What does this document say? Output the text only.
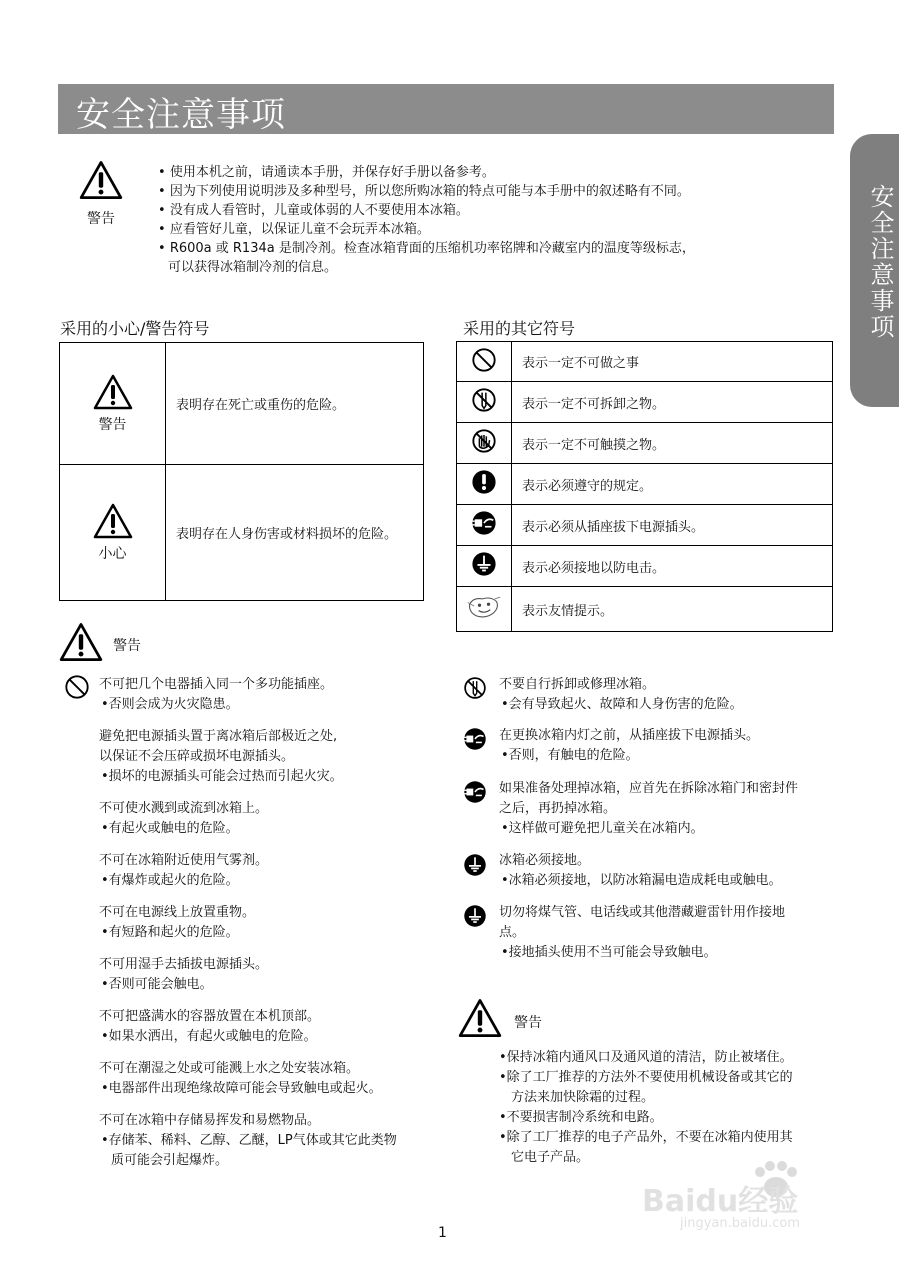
安全注意事项
安全注意事项
警告
• 使用本机之前，请通读本手册，并保存好手册以备参考。
• 因为下列使用说明涉及多种型号，所以您所购冰箱的特点可能与本手册中的叙述略有不同。
• 没有成人看管时，儿童或体弱的人不要使用本冰箱。
• 应看管好儿童，以保证儿童不会玩弄本冰箱。
• R600a 或 R134a 是制冷剂。检查冰箱背面的压缩机功率铭牌和冷藏室内的温度等级标志，
可以获得冰箱制冷剂的信息。
采用的小心/警告符号	采用的其它符号
警告	表明存在死亡或重伤的危险。

小心	表明存在人身伤害或材料损坏的危险。
	表示一定不可做之事
	表示一定不可拆卸之物。
	表示一定不可触摸之物。
	表示必须遵守的规定。
	表示必须从插座拔下电源插头。
	表示必须接地以防电击。
	表示友情提示。
警告
不可把几个电器插入同一个多功能插座。
•否则会成为火灾隐患。
避免把电源插头置于离冰箱后部极近之处,
以保证不会压碎或损坏电源插头。
•损坏的电源插头可能会过热而引起火灾。
不可使水溅到或流到冰箱上。
•有起火或触电的危险。
不可在冰箱附近使用气雾剂。
•有爆炸或起火的危险。
不可在电源线上放置重物。
•有短路和起火的危险。
不可用湿手去插拔电源插头。
•否则可能会触电。
不可把盛满水的容器放置在本机顶部。
•如果水洒出，有起火或触电的危险。
不可在潮湿之处或可能溅上水之处安装冰箱。
•电器部件出现绝缘故障可能会导致触电或起火。
不可在冰箱中存储易挥发和易燃物品。
•存储苯、稀料、乙醇、乙醚，LP气体或其它此类物
质可能会引起爆炸。
不要自行拆卸或修理冰箱。
•会有导致起火、故障和人身伤害的危险。
在更换冰箱内灯之前，从插座拔下电源插头。
•否则，有触电的危险。
如果准备处理掉冰箱，应首先在拆除冰箱门和密封件
之后，再扔掉冰箱。
•这样做可避免把儿童关在冰箱内。
冰箱必须接地。
•冰箱必须接地，以防冰箱漏电造成耗电或触电。
切勿将煤气管、电话线或其他潜藏避雷针用作接地
点。
•接地插头使用不当可能会导致触电。
警告
•保持冰箱内通风口及通风道的清洁，防止被堵住。
•除了工厂推荐的方法外不要使用机械设备或其它的
方法来加快除霜的过程。
•不要损害制冷系统和电路。
•除了工厂推荐的电子产品外，不要在冰箱内使用其
它电子产品。
Baidu经验
jingyan.baidu.com
1
